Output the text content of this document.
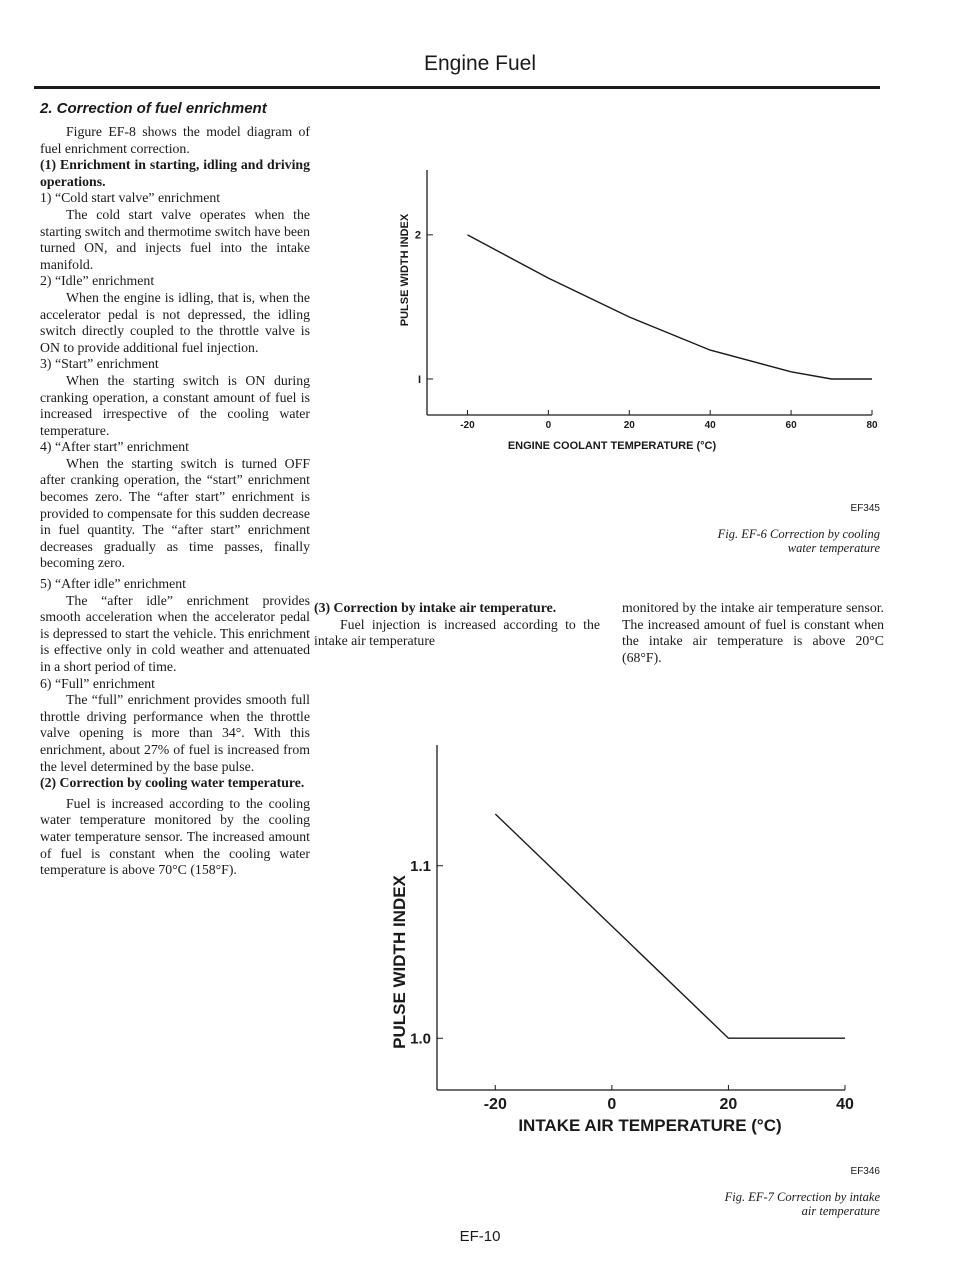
Engine Fuel
2. Correction of fuel enrichment

Figure EF-8 shows the model diagram of fuel enrichment correction.

(1) Enrichment in starting, idling and driving operations.

1) “Cold start valve” enrichment

The cold start valve operates when the starting switch and thermotime switch have been turned ON, and injects fuel into the intake manifold.

2) “Idle” enrichment

When the engine is idling, that is, when the accelerator pedal is not depressed, the idling switch directly coupled to the throttle valve is ON to provide additional fuel injection.

3) “Start” enrichment

When the starting switch is ON during cranking operation, a constant amount of fuel is increased irrespective of the cooling water temperature.

4) “After start” enrichment

When the starting switch is turned OFF after cranking operation, the “start” enrichment becomes zero. The “after start” enrichment is provided to compensate for this sudden decrease in fuel quantity. The “after start” enrichment decreases gradually as time passes, finally becoming zero.

5) “After idle” enrichment

The “after idle” enrichment provides smooth acceleration when the accelerator pedal is depressed to start the vehicle. This enrichment is effective only in cold weather and attenuated in a short period of time.

6) “Full” enrichment

The “full” enrichment provides smooth full throttle driving performance when the throttle valve opening is more than 34°. With this enrichment, about 27% of fuel is increased from the level determined by the base pulse.

(2) Correction by cooling water temperature.

Fuel is increased according to the cooling water temperature monitored by the cooling water temperature sensor. The increased amount of fuel is constant when the cooling water temperature is above 70°C (158°F).

(3) Correction by intake air temperature.

Fuel injection is increased according to the intake air temperature

monitored by the intake air temperature sensor. The increased amount of fuel is constant when the intake air temperature is above 20°C (68°F).

-20	0	20	40	60	80
I
2
PULSE WIDTH INDEX
ENGINE COOLANT TEMPERATURE (°C)
EF345
Fig. EF-6 Correction by cooling
water temperature
-20	0	20	40
1.0
1.1
PULSE WIDTH INDEX
INTAKE AIR TEMPERATURE (°C)
EF346
Fig. EF-7 Correction by intake
air temperature
EF-10
